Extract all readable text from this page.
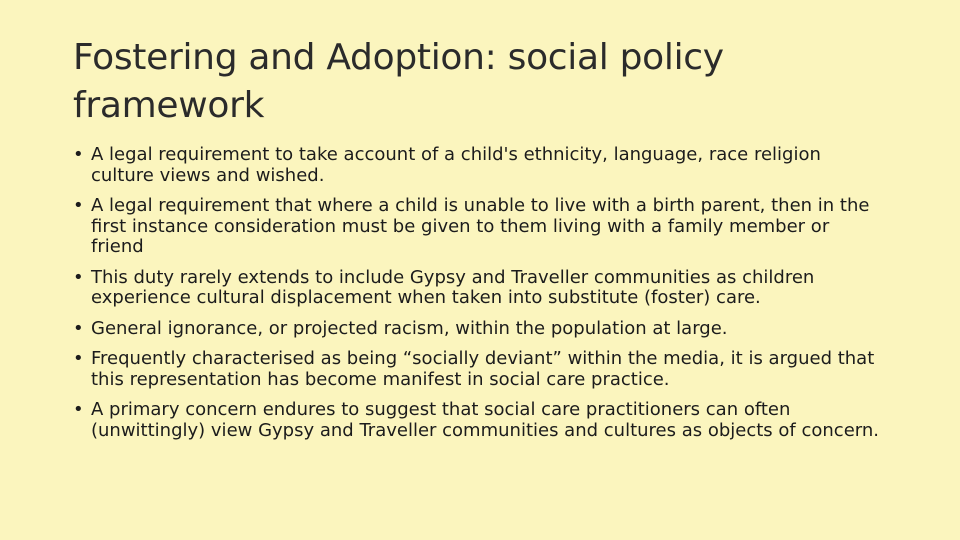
Fostering and Adoption: social policy framework
• A legal requirement to take account of a child's ethnicity, language, race religion culture views and wished.
• A legal requirement that where a child is unable to live with a birth parent, then in the first instance consideration must be given to them living with a family member or friend
• This duty rarely extends to include Gypsy and Traveller communities as children experience cultural displacement when taken into substitute (foster) care.
• General ignorance, or projected racism, within the population at large.
• Frequently characterised as being “socially deviant” within the media, it is argued that this representation has become manifest in social care practice.
• A primary concern endures to suggest that social care practitioners can often (unwittingly) view Gypsy and Traveller communities and cultures as objects of concern.
